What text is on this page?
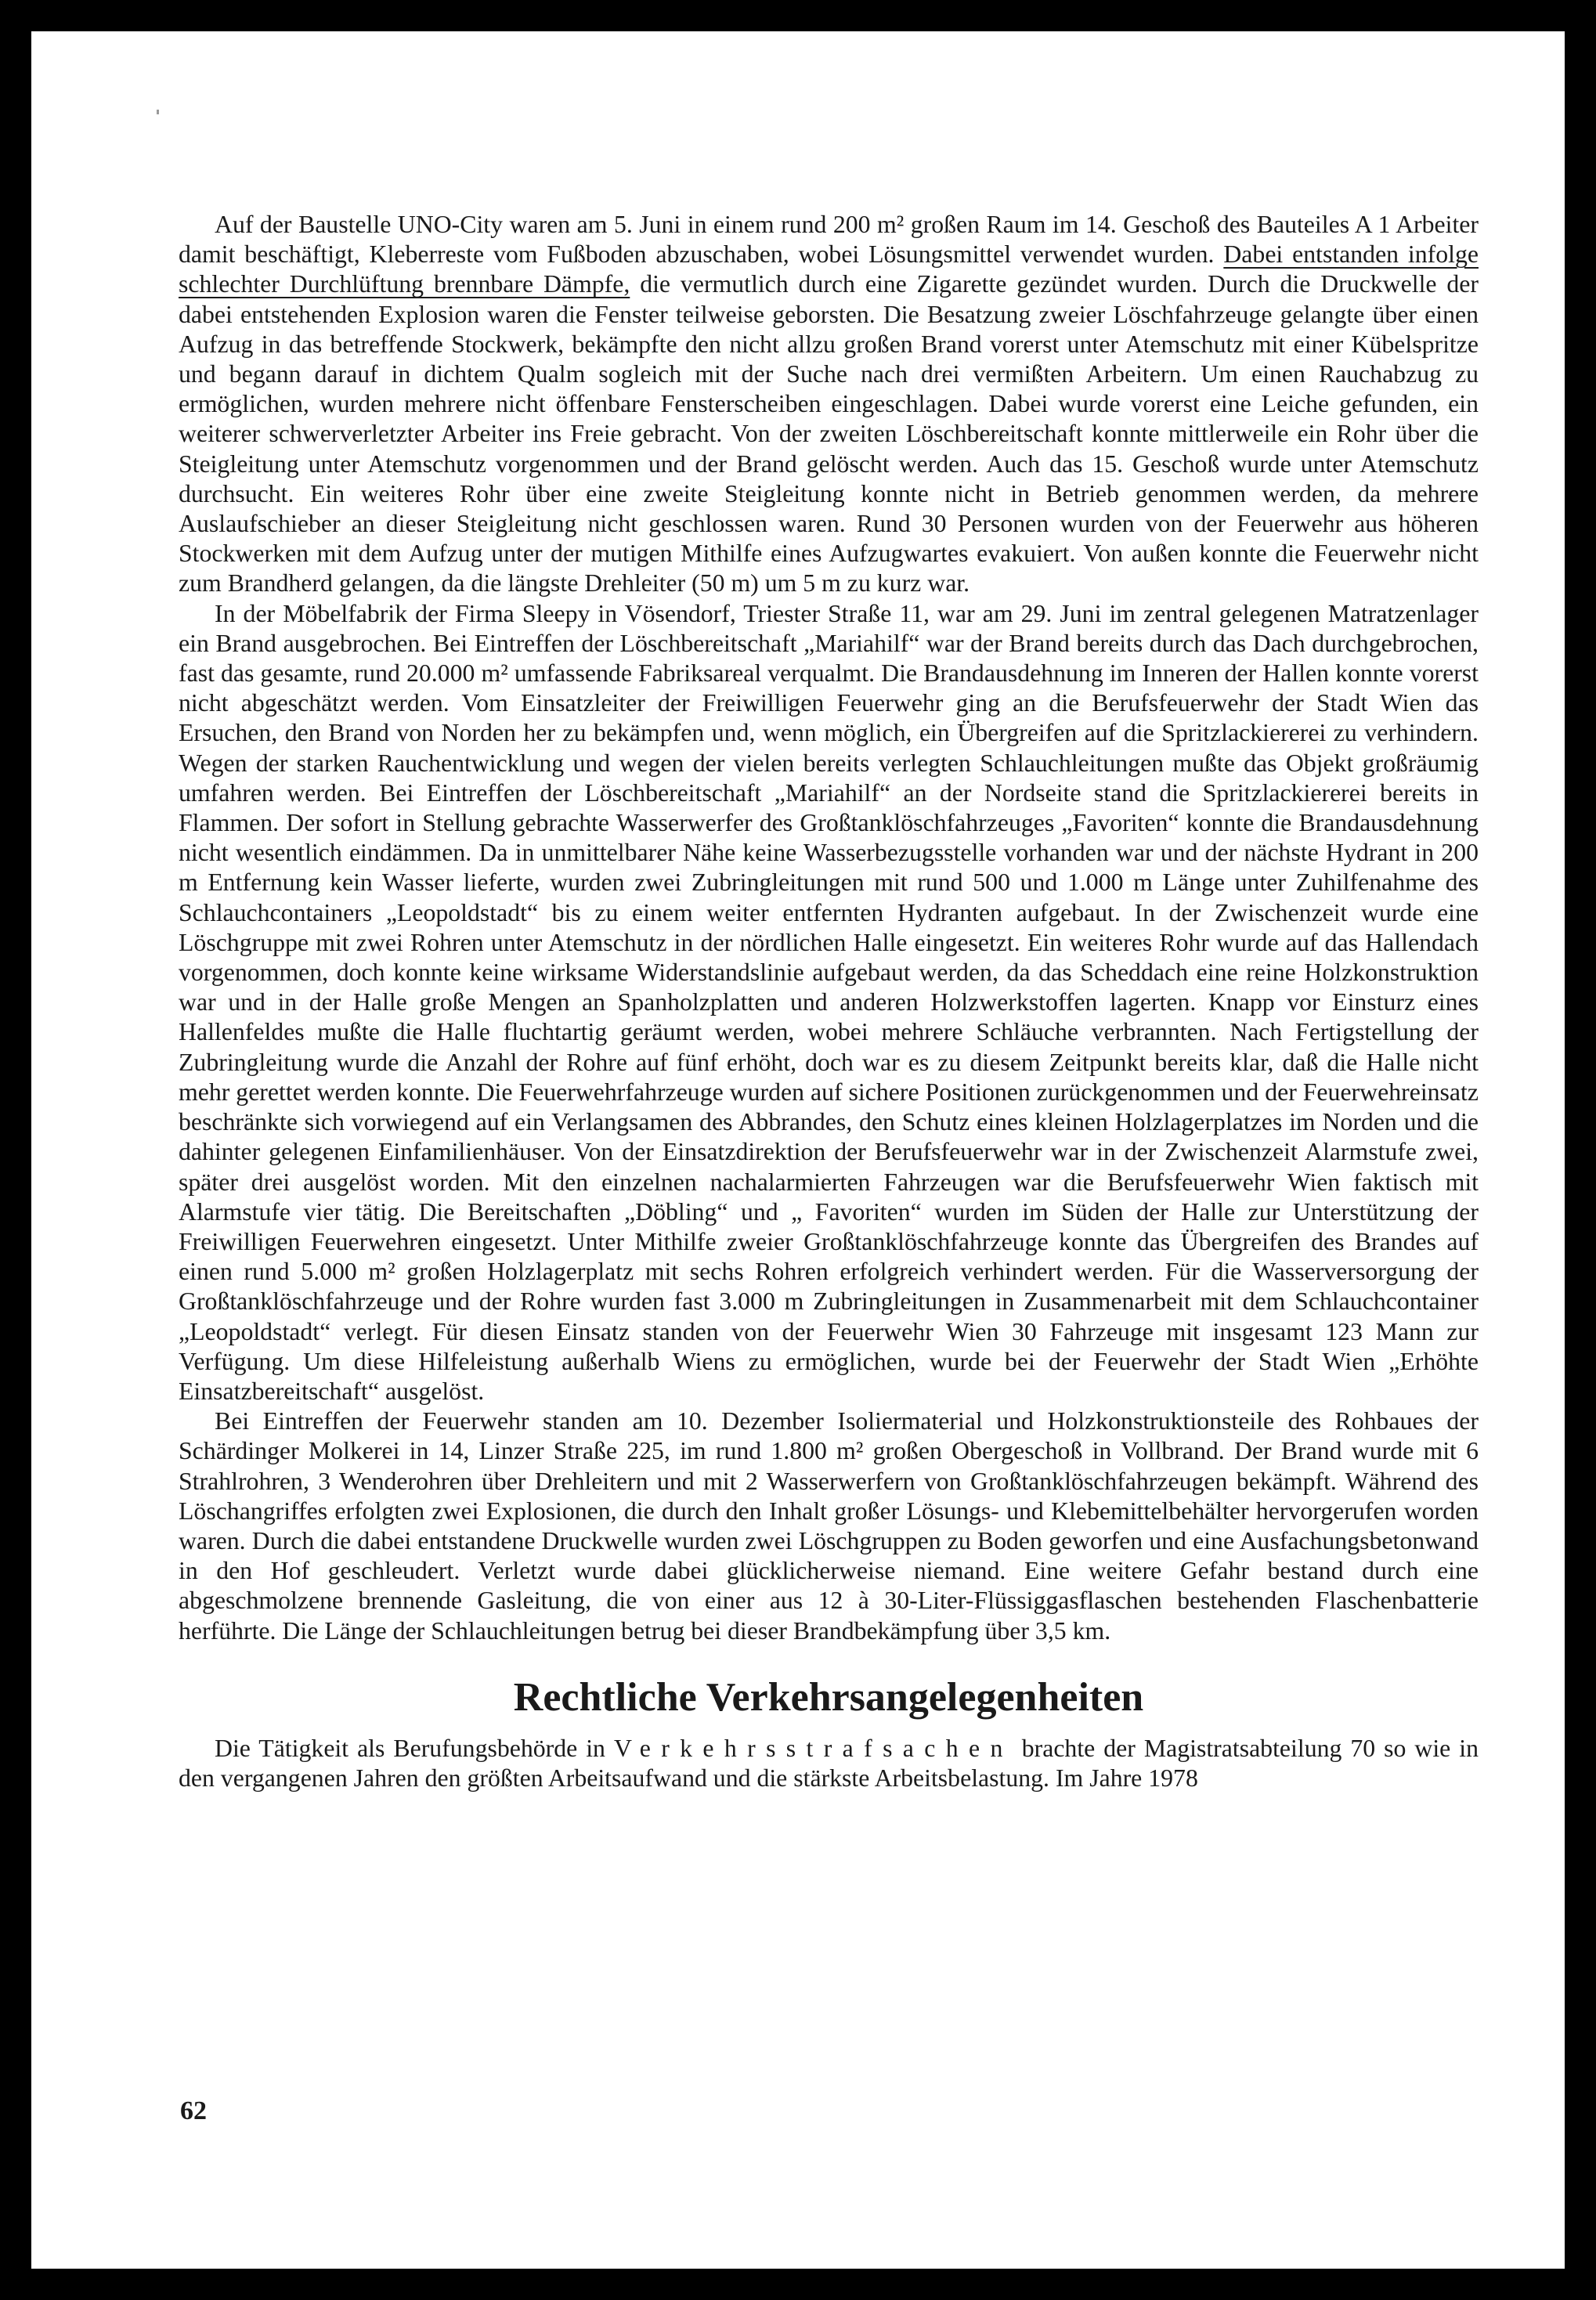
Auf der Baustelle UNO-City waren am 5. Juni in einem rund 200 m² großen Raum im 14. Geschoß des Bauteiles A 1 Arbeiter damit beschäftigt, Kleberreste vom Fußboden abzuschaben, wobei Lösungsmittel verwendet wurden. Dabei entstanden infolge schlechter Durchlüftung brennbare Dämpfe, die vermutlich durch eine Zigarette gezündet wurden. Durch die Druckwelle der dabei entstehenden Explosion waren die Fenster teilweise geborsten. Die Besatzung zweier Löschfahrzeuge gelangte über einen Aufzug in das betreffende Stockwerk, bekämpfte den nicht allzu großen Brand vorerst unter Atemschutz mit einer Kübelspritze und begann darauf in dichtem Qualm sogleich mit der Suche nach drei vermißten Arbeitern. Um einen Rauchabzug zu ermöglichen, wurden mehrere nicht öffenbare Fensterscheiben eingeschlagen. Dabei wurde vorerst eine Leiche gefunden, ein weiterer schwerverletzter Arbeiter ins Freie gebracht. Von der zweiten Löschbereitschaft konnte mittlerweile ein Rohr über die Steigleitung unter Atemschutz vorgenommen und der Brand gelöscht werden. Auch das 15. Geschoß wurde unter Atemschutz durchsucht. Ein weiteres Rohr über eine zweite Steigleitung konnte nicht in Betrieb genommen werden, da mehrere Auslaufschieber an dieser Steigleitung nicht geschlossen waren. Rund 30 Personen wurden von der Feuerwehr aus höheren Stockwerken mit dem Aufzug unter der mutigen Mithilfe eines Aufzugwartes evakuiert. Von außen konnte die Feuerwehr nicht zum Brandherd gelangen, da die längste Drehleiter (50 m) um 5 m zu kurz war.

In der Möbelfabrik der Firma Sleepy in Vösendorf, Triester Straße 11, war am 29. Juni im zentral gelegenen Matratzenlager ein Brand ausgebrochen. Bei Eintreffen der Löschbereitschaft „Mariahilf“ war der Brand bereits durch das Dach durchgebrochen, fast das gesamte, rund 20.000 m² umfassende Fabriksareal verqualmt. Die Brandausdehnung im Inneren der Hallen konnte vorerst nicht abgeschätzt werden. Vom Einsatzleiter der Freiwilligen Feuerwehr ging an die Berufsfeuerwehr der Stadt Wien das Ersuchen, den Brand von Norden her zu bekämpfen und, wenn möglich, ein Übergreifen auf die Spritzlackiererei zu verhindern. Wegen der starken Rauchentwicklung und wegen der vielen bereits verlegten Schlauchleitungen mußte das Objekt großräumig umfahren werden. Bei Eintreffen der Löschbereitschaft „Mariahilf“ an der Nordseite stand die Spritzlackiererei bereits in Flammen. Der sofort in Stellung gebrachte Wasserwerfer des Großtanklöschfahrzeuges „Favoriten“ konnte die Brandausdehnung nicht wesentlich eindämmen. Da in unmittelbarer Nähe keine Wasserbezugsstelle vorhanden war und der nächste Hydrant in 200 m Entfernung kein Wasser lieferte, wurden zwei Zubringleitungen mit rund 500 und 1.000 m Länge unter Zuhilfenahme des Schlauchcontainers „Leopoldstadt“ bis zu einem weiter entfernten Hydranten aufgebaut. In der Zwischenzeit wurde eine Löschgruppe mit zwei Rohren unter Atemschutz in der nördlichen Halle eingesetzt. Ein weiteres Rohr wurde auf das Hallendach vorgenommen, doch konnte keine wirksame Widerstandslinie aufgebaut werden, da das Scheddach eine reine Holzkonstruktion war und in der Halle große Mengen an Spanholzplatten und anderen Holzwerkstoffen lagerten. Knapp vor Einsturz eines Hallenfeldes mußte die Halle fluchtartig geräumt werden, wobei mehrere Schläuche verbrannten. Nach Fertigstellung der Zubringleitung wurde die Anzahl der Rohre auf fünf erhöht, doch war es zu diesem Zeitpunkt bereits klar, daß die Halle nicht mehr gerettet werden konnte. Die Feuerwehrfahrzeuge wurden auf sichere Positionen zurückgenommen und der Feuerwehreinsatz beschränkte sich vorwiegend auf ein Verlangsamen des Abbrandes, den Schutz eines kleinen Holzlagerplatzes im Norden und die dahinter gelegenen Einfamilienhäuser. Von der Einsatzdirektion der Berufsfeuerwehr war in der Zwischenzeit Alarmstufe zwei, später drei ausgelöst worden. Mit den einzelnen nachalarmierten Fahrzeugen war die Berufsfeuerwehr Wien faktisch mit Alarmstufe vier tätig. Die Bereitschaften „Döbling“ und „ Favoriten“ wurden im Süden der Halle zur Unterstützung der Freiwilligen Feuerwehren eingesetzt. Unter Mithilfe zweier Großtanklöschfahrzeuge konnte das Übergreifen des Brandes auf einen rund 5.000 m² großen Holzlagerplatz mit sechs Rohren erfolgreich verhindert werden. Für die Wasserversorgung der Großtanklöschfahrzeuge und der Rohre wurden fast 3.000 m Zubringleitungen in Zusammenarbeit mit dem Schlauchcontainer „Leopoldstadt“ verlegt. Für diesen Einsatz standen von der Feuerwehr Wien 30 Fahrzeuge mit insgesamt 123 Mann zur Verfügung. Um diese Hilfeleistung außerhalb Wiens zu ermöglichen, wurde bei der Feuerwehr der Stadt Wien „Erhöhte Einsatzbereitschaft“ ausgelöst.

Bei Eintreffen der Feuerwehr standen am 10. Dezember Isoliermaterial und Holzkonstruktionsteile des Rohbaues der Schärdinger Molkerei in 14, Linzer Straße 225, im rund 1.800 m² großen Obergeschoß in Vollbrand. Der Brand wurde mit 6 Strahlrohren, 3 Wenderohren über Drehleitern und mit 2 Wasserwerfern von Großtanklöschfahrzeugen bekämpft. Während des Löschangriffes erfolgten zwei Explosionen, die durch den Inhalt großer Lösungs- und Klebemittelbehälter hervorgerufen worden waren. Durch die dabei entstandene Druckwelle wurden zwei Löschgruppen zu Boden geworfen und eine Ausfachungsbetonwand in den Hof geschleudert. Verletzt wurde dabei glücklicherweise niemand. Eine weitere Gefahr bestand durch eine abgeschmolzene brennende Gasleitung, die von einer aus 12 à 30-Liter-Flüssiggasflaschen bestehenden Flaschenbatterie herführte. Die Länge der Schlauchleitungen betrug bei dieser Brandbekämpfung über 3,5 km.

Rechtliche Verkehrsangelegenheiten

Die Tätigkeit als Berufungsbehörde in Verkehrsstrafsachen brachte der Magistratsabteilung 70 so wie in den vergangenen Jahren den größten Arbeitsaufwand und die stärkste Arbeitsbelastung. Im Jahre 1978

62
